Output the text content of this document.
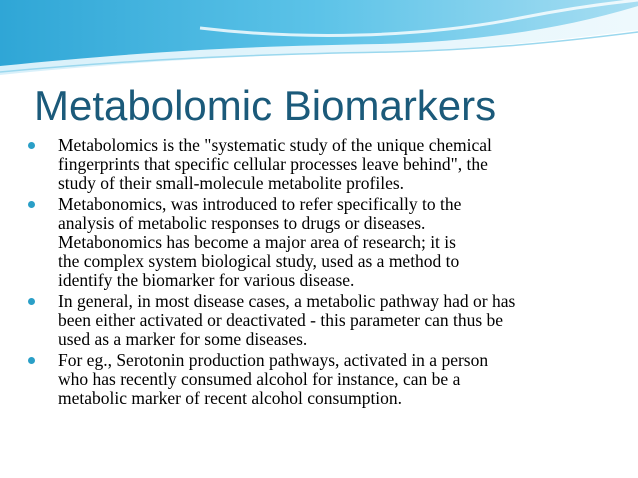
Metabolomic Biomarkers
Metabolomics is the "systematic study of the unique chemical
fingerprints that specific cellular processes leave behind", the
study of their small-molecule metabolite profiles.
Metabonomics, was introduced to refer specifically to the
analysis of metabolic responses to drugs or diseases.
Metabonomics has become a major area of research; it is
the complex system biological study, used as a method to
identify the biomarker for various disease.
In general, in most disease cases, a metabolic pathway had or has
been either activated or deactivated - this parameter can thus be
used as a marker for some diseases.
For eg., Serotonin production pathways, activated in a person
who has recently consumed alcohol for instance, can be a
metabolic marker of recent alcohol consumption.
